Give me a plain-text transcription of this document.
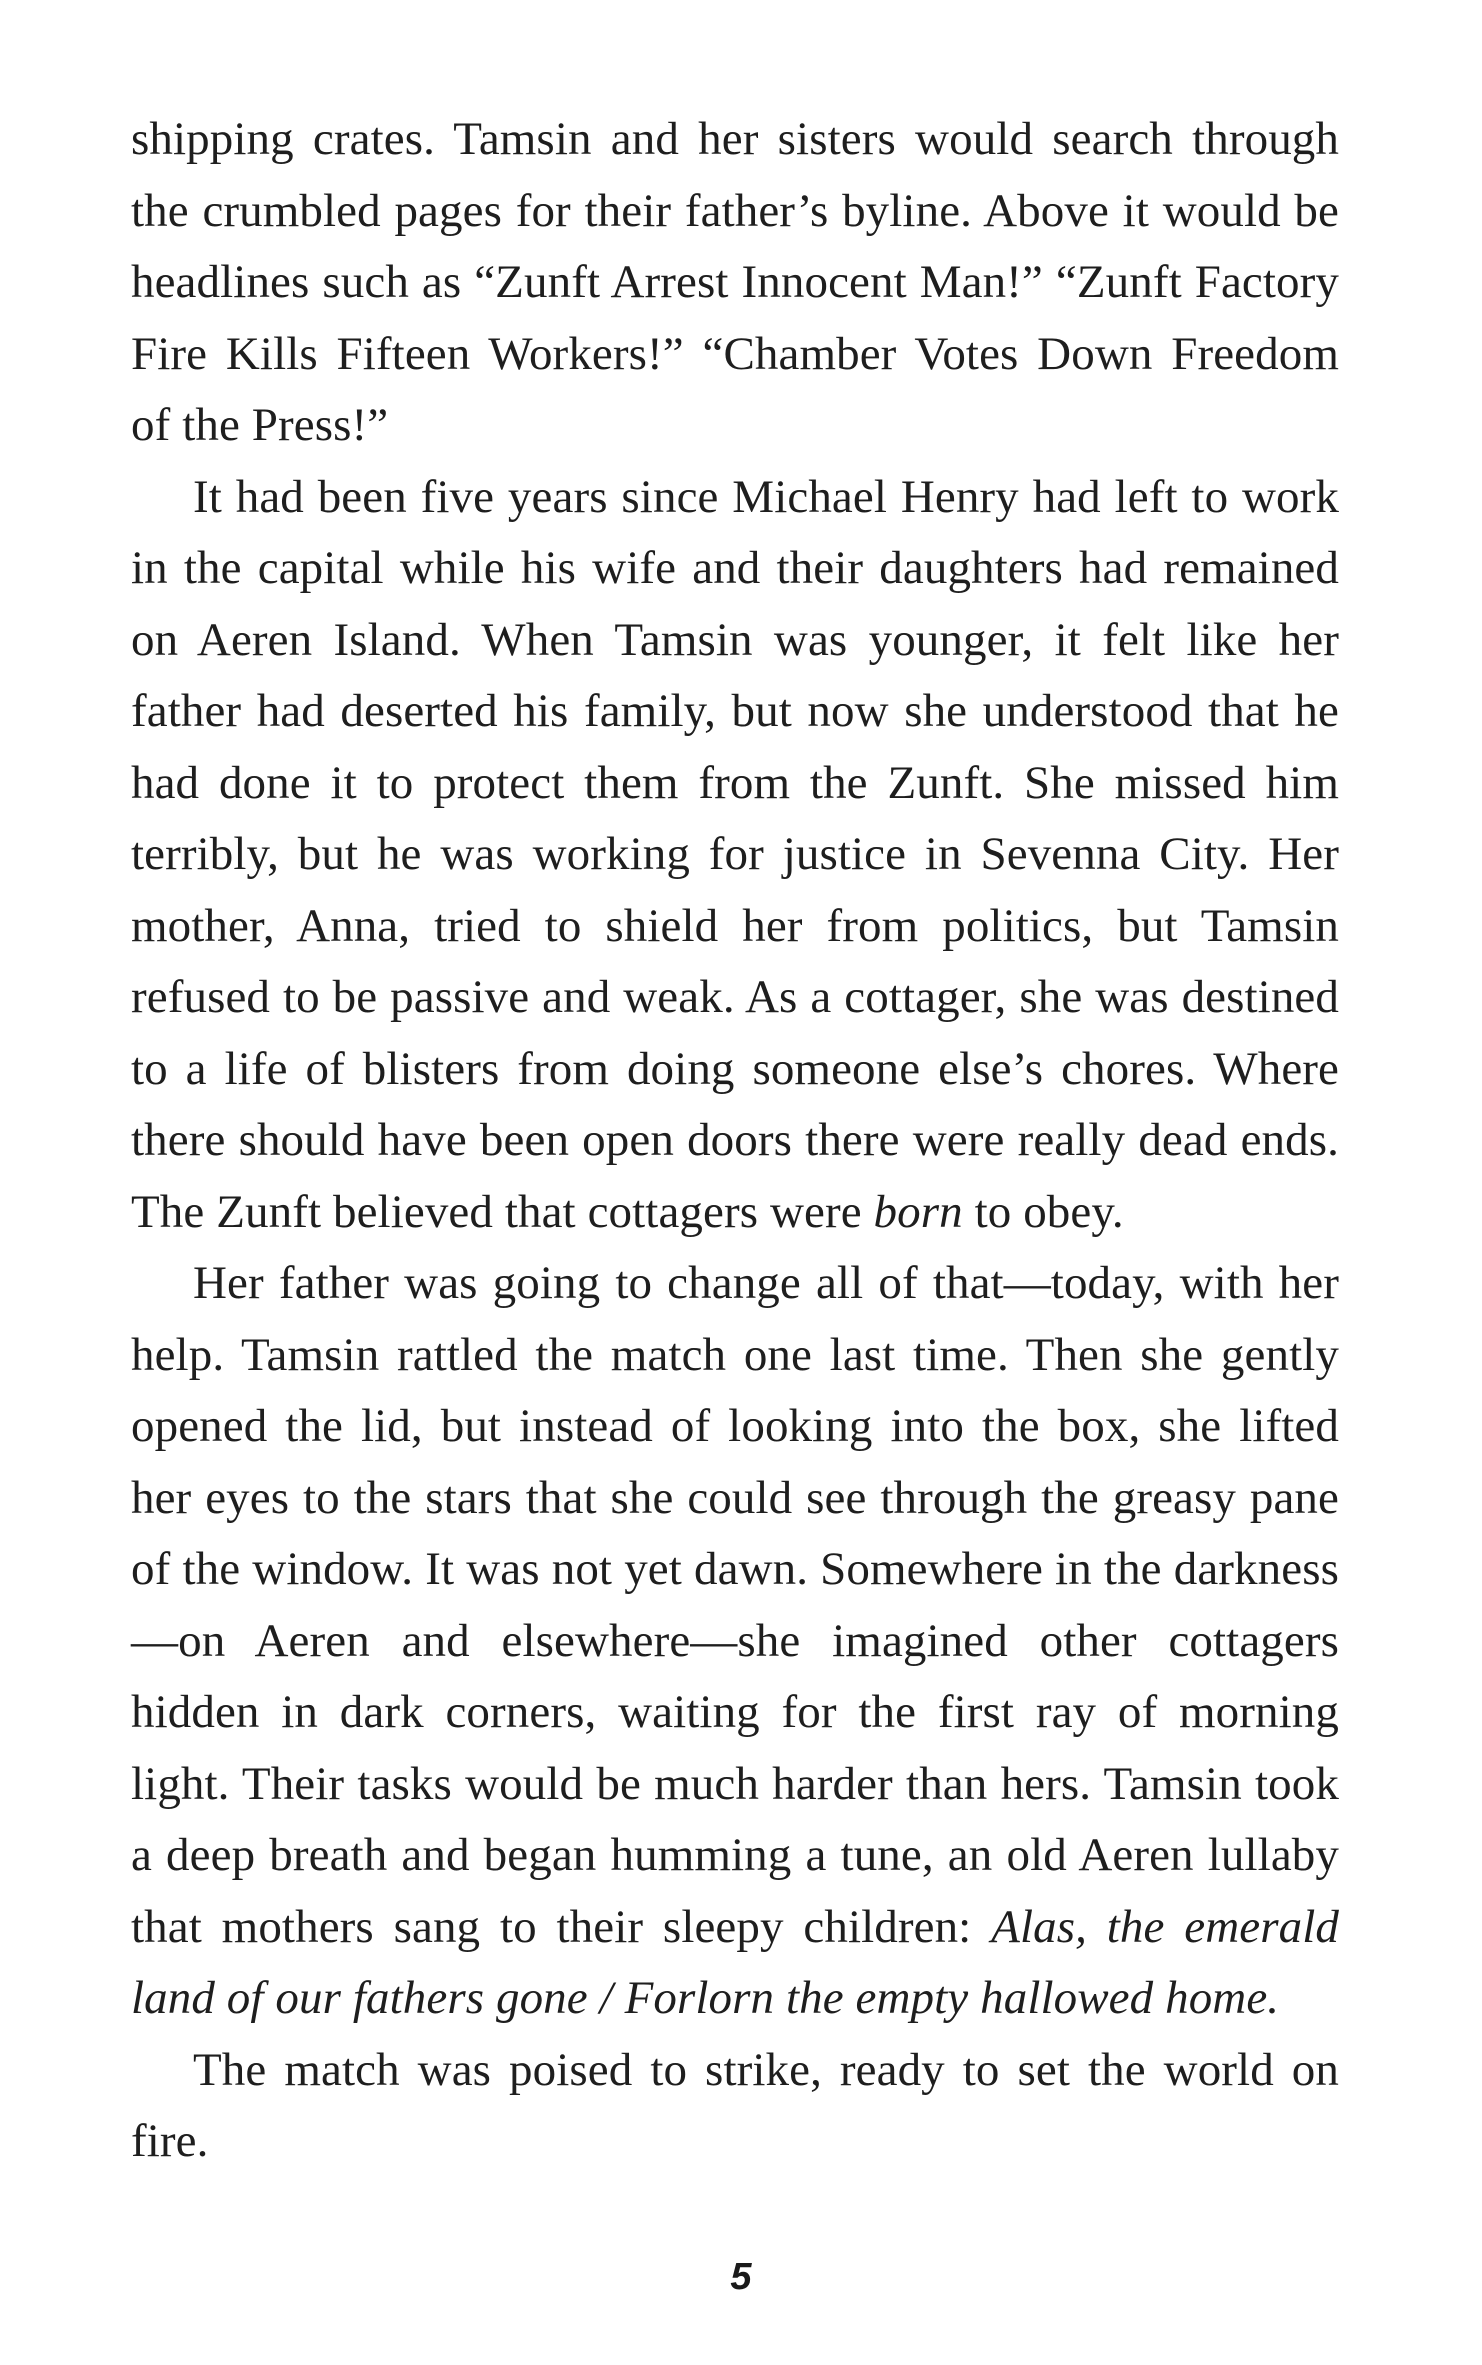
shipping crates. Tamsin and her sisters would search through the crumbled pages for their father’s byline. Above it would be headlines such as “Zunft Arrest Innocent Man!” “Zunft Factory Fire Kills Fifteen Workers!” “Chamber Votes Down Freedom of the Press!”

It had been five years since Michael Henry had left to work in the capital while his wife and their daughters had remained on Aeren Island. When Tamsin was younger, it felt like her father had deserted his family, but now she understood that he had done it to protect them from the Zunft. She missed him terribly, but he was working for justice in Sevenna City. Her mother, Anna, tried to shield her from politics, but Tamsin refused to be passive and weak. As a cottager, she was destined to a life of blisters from doing someone else’s chores. Where there should have been open doors there were really dead ends. The Zunft believed that cottagers were born to obey.

Her father was going to change all of that—today, with her help. Tamsin rattled the match one last time. Then she gently opened the lid, but instead of looking into the box, she lifted her eyes to the stars that she could see through the greasy pane of the window. It was not yet dawn. Somewhere in the darkness—on Aeren and elsewhere—she imagined other cottagers hidden in dark corners, waiting for the first ray of morning light. Their tasks would be much harder than hers. Tamsin took a deep breath and began humming a tune, an old Aeren lullaby that mothers sang to their sleepy children: Alas, the emerald land of our fathers gone / Forlorn the empty hallowed home.

The match was poised to strike, ready to set the world on fire.

5
